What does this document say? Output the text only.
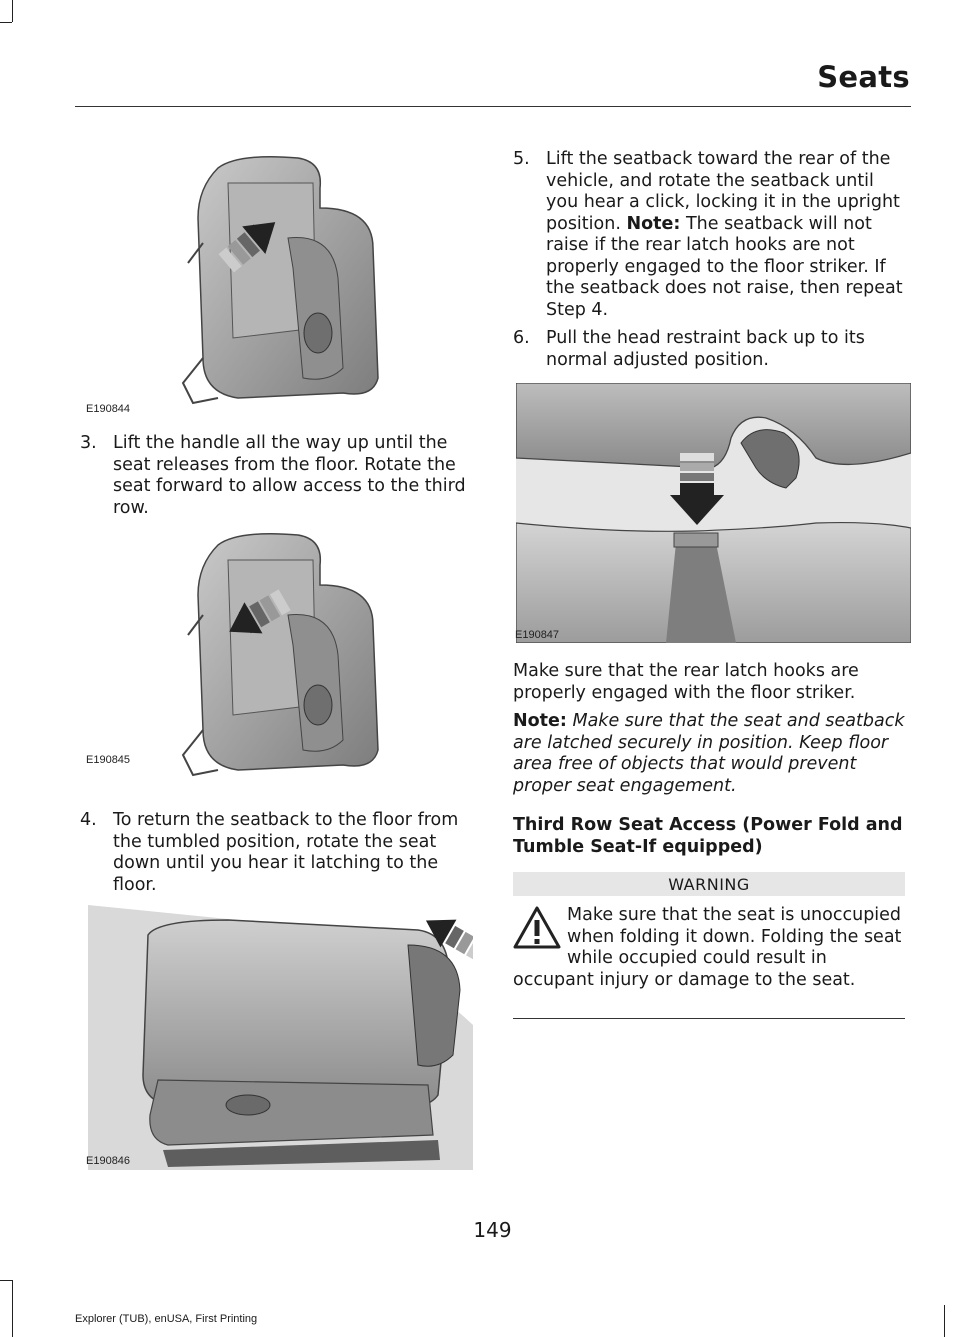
Seats
E190844
3. Lift the handle all the way up until the seat releases from the floor. Rotate the seat forward to allow access to the third row.
E190845
4. To return the seatback to the floor from the tumbled position, rotate the seat down until you hear it latching to the floor.
E190846
5. Lift the seatback toward the rear of the vehicle, and rotate the seatback until you hear a click, locking it in the upright position. Note: The seatback will not raise if the rear latch hooks are not properly engaged to the floor striker. If the seatback does not raise, then repeat Step 4.
6. Pull the head restraint back up to its normal adjusted position.
E190847
Make sure that the rear latch hooks are properly engaged with the floor striker.
Note: Make sure that the seat and seatback are latched securely in position. Keep floor area free of objects that would prevent proper seat engagement.
Third Row Seat Access (Power Fold and Tumble Seat-If equipped)
WARNING
Make sure that the seat is unoccupied when folding it down. Folding the seat while occupied could result in occupant injury or damage to the seat.
149
Explorer (TUB), enUSA, First Printing
